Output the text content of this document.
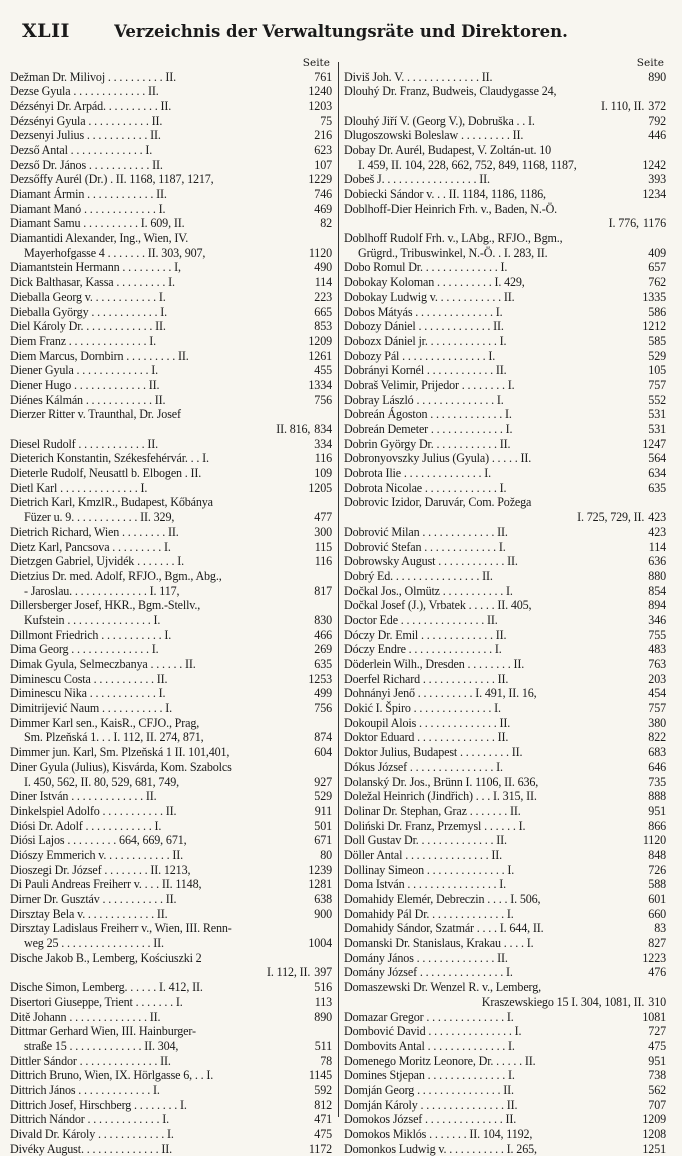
XLII	Verzeichnis der Verwaltungsräte und Direktoren.
Seite
Dežman Dr. Milivoj . . . . . . . . . . II.	761
Dezse Gyula . . . . . . . . . . . . . II.	1240
Dézsényi Dr. Arpád. . . . . . . . . . II.	1203
Dézsényi Gyula . . . . . . . . . . . II.	75
Dezsenyi Julius . . . . . . . . . . . II.	216
Dezső Antal . . . . . . . . . . . . . I.	623
Dezső Dr. János . . . . . . . . . . . II.	107
Dezsőffy Aurél (Dr.) . II. 1168, 1187, 1217,	1229
Diamant Ármin . . . . . . . . . . . . II.	746
Diamant Manó . . . . . . . . . . . . . I.	469
Diamant Samu . . . . . . . . . . I. 609, II.	82
Diamantidi Alexander, Ing., Wien, IV.
Mayerhofgasse 4 . . . . . . . II. 303, 907,	1120
Diamantstein Hermann . . . . . . . . . I,	490
Dick Balthasar, Kassa . . . . . . . . . I.	114
Dieballa Georg v. . . . . . . . . . . . I.	223
Dieballa György . . . . . . . . . . . . I.	665
Diel Károly Dr. . . . . . . . . . . . . II.	853
Diem Franz . . . . . . . . . . . . . . I.	1209
Diem Marcus, Dornbirn . . . . . . . . . II.	1261
Diener Gyula . . . . . . . . . . . . . I.	455
Diener Hugo . . . . . . . . . . . . . II.	1334
Diénes Kálmán . . . . . . . . . . . . II.	756
Dierzer Ritter v. Traunthal, Dr. Josef
II. 816, 834
Diesel Rudolf . . . . . . . . . . . . II.	334
Dieterich Konstantin, Székesfehérvár. . . I.	116
Dieterle Rudolf, Neusattl b. Elbogen . II.	109
Dietl Karl . . . . . . . . . . . . . . I.	1205
Dietrich Karl, KmzlR., Budapest, Kőbánya
Füzer u. 9. . . . . . . . . . . . II. 329,	477
Dietrich Richard, Wien . . . . . . . . II.	300
Dietz Karl, Pancsova . . . . . . . . . I.	115
Dietzgen Gabriel, Ujvidék . . . . . . . I.	116
Dietzius Dr. med. Adolf, RFJO., Bgm., Abg.,
- Jaroslau. . . . . . . . . . . . . . I. 117,	817
Dillersberger Josef, HKR., Bgm.-Stellv.,
Kufstein . . . . . . . . . . . . . . . I.	830
Dillmont Friedrich . . . . . . . . . . . I.	466
Dima Georg . . . . . . . . . . . . . . I.	269
Dimak Gyula, Selmeczbanya . . . . . . II.	635
Diminescu Costa . . . . . . . . . . . II.	1253
Diminescu Nika . . . . . . . . . . . . I.	499
Dimitrijević Naum . . . . . . . . . . . I.	756
Dimmer Karl sen., KaisR., CFJO., Prag,
Sm. Plzeňská 1. . . I. 112, II. 274, 871,	874
Dimmer jun. Karl, Sm. Plzeňská 1 II. 101,401,	604
Diner Gyula (Julius), Kisvárda, Kom. Szabolcs
I. 450, 562, II. 80, 529, 681, 749,	927
Diner István . . . . . . . . . . . . . II.	529
Dinkelspiel Adolfo . . . . . . . . . . . II.	911
Diósi Dr. Adolf . . . . . . . . . . . . I.	501
Diósi Lajos . . . . . . . . . 664, 669, 671,	671
Diószy Emmerich v. . . . . . . . . . . . II.	80
Dioszegi Dr. József . . . . . . . . II. 1213,	1239
Di Pauli Andreas Freiherr v. . . . II. 1148,	1281
Dirner Dr. Gusztáv . . . . . . . . . . . II.	638
Dirsztay Bela v. . . . . . . . . . . . . II.	900
Dirsztay Ladislaus Freiherr v., Wien, III. Renn-
weg 25 . . . . . . . . . . . . . . . . II.	1004
Dische Jakob B., Lemberg, Kościuszki 2
I. 112, II. 397
Dische Simon, Lemberg. . . . . . I. 412, II.	516
Disertori Giuseppe, Trient . . . . . . . I.	113
Ditě Johann . . . . . . . . . . . . . . II.	890
Dittmar Gerhard Wien, III. Hainburger-
straße 15 . . . . . . . . . . . . . II. 304,	511
Dittler Sándor . . . . . . . . . . . . . . II.	78
Dittrich Bruno, Wien, IX. Hörlgasse 6, . . I.	1145
Dittrich János . . . . . . . . . . . . . I.	592
Dittrich Josef, Hirschberg . . . . . . . . I.	812
Dittrich Nándor . . . . . . . . . . . . . I.	471
Divald Dr. Károly . . . . . . . . . . . . I.	475
Divéky August. . . . . . . . . . . . . . II.	1172
Seite
Diviš Joh. V. . . . . . . . . . . . . . II.	890
Dlouhý Dr. Franz, Budweis, Claudygasse 24,
I. 110, II. 372
Dlouhý Jiří V. (Georg V.), Dobruška . . I.	792
Dlugoszowski Boleslaw . . . . . . . . . II.	446
Dobay Dr. Aurél, Budapest, V. Zoltán-ut. 10
I. 459, II. 104, 228, 662, 752, 849, 1168, 1187,	1242
Dobeš J. . . . . . . . . . . . . . . . . II.	393
Dobiecki Sándor v. . . II. 1184, 1186, 1186,	1234
Doblhoff-Dier Heinrich Frh. v., Baden, N.-Ö.
I. 776, 1176
Doblhoff Rudolf Frh. v., LAbg., RFJO., Bgm.,
Grügrd., Tribuswinkel, N.-Ö. . I. 283, II.	409
Dobo Romul Dr. . . . . . . . . . . . . . I.	657
Dobokay Koloman . . . . . . . . . . I. 429,	762
Dobokay Ludwig v. . . . . . . . . . . . II.	1335
Dobos Mátyás . . . . . . . . . . . . . . I.	586
Dobozy Dániel . . . . . . . . . . . . . II.	1212
Dobozx Dániel jr. . . . . . . . . . . . . I.	585
Dobozy Pál . . . . . . . . . . . . . . . I.	529
Dobrányi Kornél . . . . . . . . . . . . II.	105
Dobraš Velimir, Prijedor . . . . . . . . I.	757
Dobray László . . . . . . . . . . . . . . I.	552
Dobreán Ágoston . . . . . . . . . . . . . I.	531
Dobreán Demeter . . . . . . . . . . . . . I.	531
Dobrin György Dr. . . . . . . . . . . . II.	1247
Dobronyovszky Julius (Gyula) . . . . . II.	564
Dobrota Ilie . . . . . . . . . . . . . . I.	634
Dobrota Nicolae . . . . . . . . . . . . . I.	635
Dobrovic Izidor, Daruvár, Com. Požega
I. 725, 729, II. 423
Dobrović Milan . . . . . . . . . . . . . II.	423
Dobrović Stefan . . . . . . . . . . . . . I.	114
Dobrowsky August . . . . . . . . . . . . II.	636
Dobrý Ed. . . . . . . . . . . . . . . . II.	880
Dočkal Jos., Olmütz . . . . . . . . . . . I.	854
Dočkal Josef (J.), Vrbatek . . . . . II. 405,	894
Doctor Ede . . . . . . . . . . . . . . . II.	346
Dóczy Dr. Emil . . . . . . . . . . . . . II.	755
Dóczy Endre . . . . . . . . . . . . . . . I.	483
Döderlein Wilh., Dresden . . . . . . . . II.	763
Doerfel Richard . . . . . . . . . . . . . II.	203
Dohnányi Jenő . . . . . . . . . . I. 491, II. 16,	454
Dokić I. Špiro . . . . . . . . . . . . . . I.	757
Dokoupil Alois . . . . . . . . . . . . . . II.	380
Doktor Eduard . . . . . . . . . . . . . . II.	822
Doktor Julius, Budapest . . . . . . . . . II.	683
Dókus József . . . . . . . . . . . . . . . I.	646
Dolanský Dr. Jos., Brünn I. 1106, II. 636,	735
Doležal Heinrich (Jindřich) . . . I. 315, II.	888
Dolinar Dr. Stephan, Graz . . . . . . . II.	951
Doliński Dr. Franz, Przemysl . . . . . . I.	866
Doll Gustav Dr. . . . . . . . . . . . . . II.	1120
Döller Antal . . . . . . . . . . . . . . . II.	848
Dollinay Simeon . . . . . . . . . . . . . . I.	726
Doma István . . . . . . . . . . . . . . . . I.	588
Domahidy Elemér, Debreczin . . . . I. 506,	601
Domahidy Pál Dr. . . . . . . . . . . . . . I.	660
Domahidy Sándor, Szatmár . . . . I. 644, II.	83
Domanski Dr. Stanislaus, Krakau . . . . I.	827
Domány János . . . . . . . . . . . . . . II.	1223
Domány József . . . . . . . . . . . . . . . I.	476
Domaszewski Dr. Wenzel R. v., Lemberg,
Kraszewskiego 15 I. 304, 1081, II. 310
Domazar Gregor . . . . . . . . . . . . . . I.	1081
Dombović David . . . . . . . . . . . . . . . I.	727
Dombovits Antal . . . . . . . . . . . . . . I.	475
Domenego Moritz Leonore, Dr. . . . . . II.	951
Domines Stjepan . . . . . . . . . . . . . . I.	738
Domján Georg . . . . . . . . . . . . . . . II.	562
Domján Károly . . . . . . . . . . . . . . . II.	707
Domokos József . . . . . . . . . . . . . . II.	1209
Domokos Miklós . . . . . . . II. 104, 1192,	1208
Domonkos Ludwig v. . . . . . . . . . . I. 265,	1251
